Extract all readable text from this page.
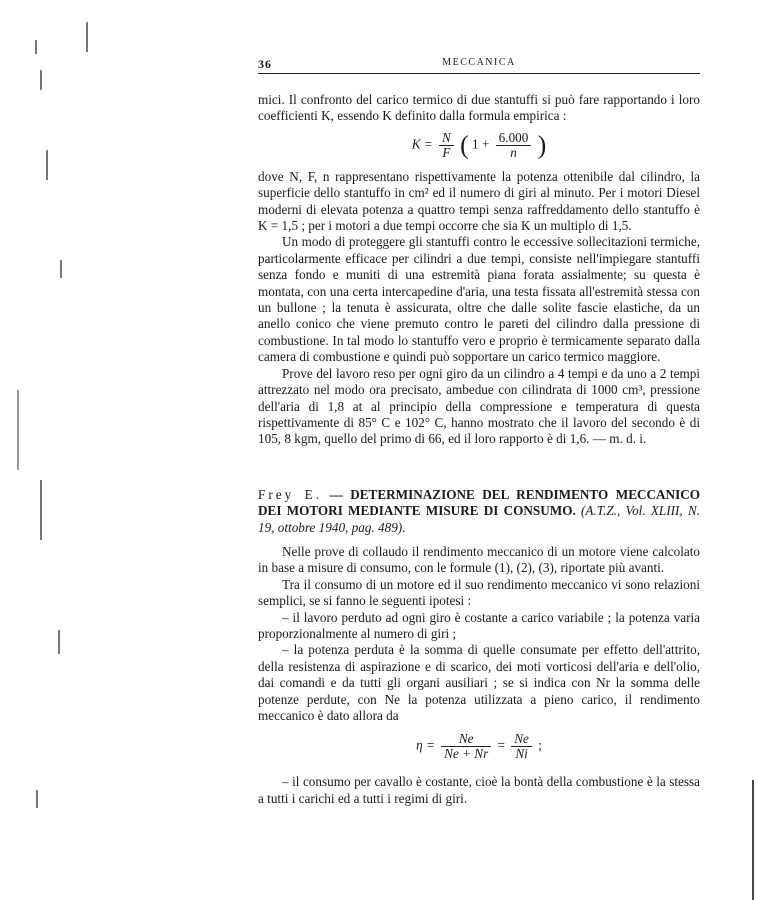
36	MECCANICA

mici. Il confronto del carico termico di due stantuffi si può fare rapportando i loro coefficienti K, essendo K definito dalla formula empirica :

$K = \frac{N}{F}$ ( $1 + \frac{6.000}{n}$ )

dove N, F, n rappresentano rispettivamente la potenza ottenibile dal cilindro, la superficie dello stantuffo in cm² ed il numero di giri al minuto. Per i motori Diesel moderni di elevata potenza a quattro tempi senza raffreddamento dello stantuffo è K = 1,5 ; per i motori a due tempi occorre che sia K un multiplo di 1,5.

Un modo di proteggere gli stantuffi contro le eccessive sollecitazioni termiche, particolarmente efficace per cilindri a due tempi, consiste nell'impiegare stantuffi senza fondo e muniti di una estremità piana forata assialmente; su questa è montata, con una certa intercapedine d'aria, una testa fissata all'estremità stessa con un bullone ; la tenuta è assicurata, oltre che dalle solite fascie elastiche, da un anello conico che viene premuto contro le pareti del cilindro dalla pressione di combustione. In tal modo lo stantuffo vero e proprio è termicamente separato dalla camera di combustione e quindi può sopportare un carico termico maggiore.

Prove del lavoro reso per ogni giro da un cilindro a 4 tempi e da uno a 2 tempi attrezzato nel modo ora precisato, ambedue con cilindrata di 1000 cm³, pressione dell'aria di 1,8 at al principio della compressione e temperatura di questa rispettivamente di 85° C e 102° C, hanno mostrato che il lavoro del secondo è di 105, 8 kgm, quello del primo di 66, ed il loro rapporto è di 1,6. — m. d. i.

Frey E. — DETERMINAZIONE DEL RENDIMENTO MECCANICO DEI MOTORI MEDIANTE MISURE DI CONSUMO. (A.T.Z., Vol. XLIII, N. 19, ottobre 1940, pag. 489).

Nelle prove di collaudo il rendimento meccanico di un motore viene calcolato in base a misure di consumo, con le formule (1), (2), (3), riportate più avanti.

Tra il consumo di un motore ed il suo rendimento meccanico vi sono relazioni semplici, se si fanno le seguenti ipotesi :

– il lavoro perduto ad ogni giro è costante a carico variabile ; la potenza varia proporzionalmente al numero di giri ;

– la potenza perduta è la somma di quelle consumate per effetto dell'attrito, della resistenza di aspirazione e di scarico, dei moti vorticosi dell'aria e dell'olio, dai comandi e da tutti gli organi ausiliari ; se si indica con Nr la somma delle potenze perdute, con Ne la potenza utilizzata a pieno carico, il rendimento meccanico è dato allora da

$\eta = \frac{Ne}{Ne + Nr} = \frac{Ne}{Ni}$ ;

– il consumo per cavallo è costante, cioè la bontà della combustione è la stessa a tutti i carichi ed a tutti i regimi di giri.
